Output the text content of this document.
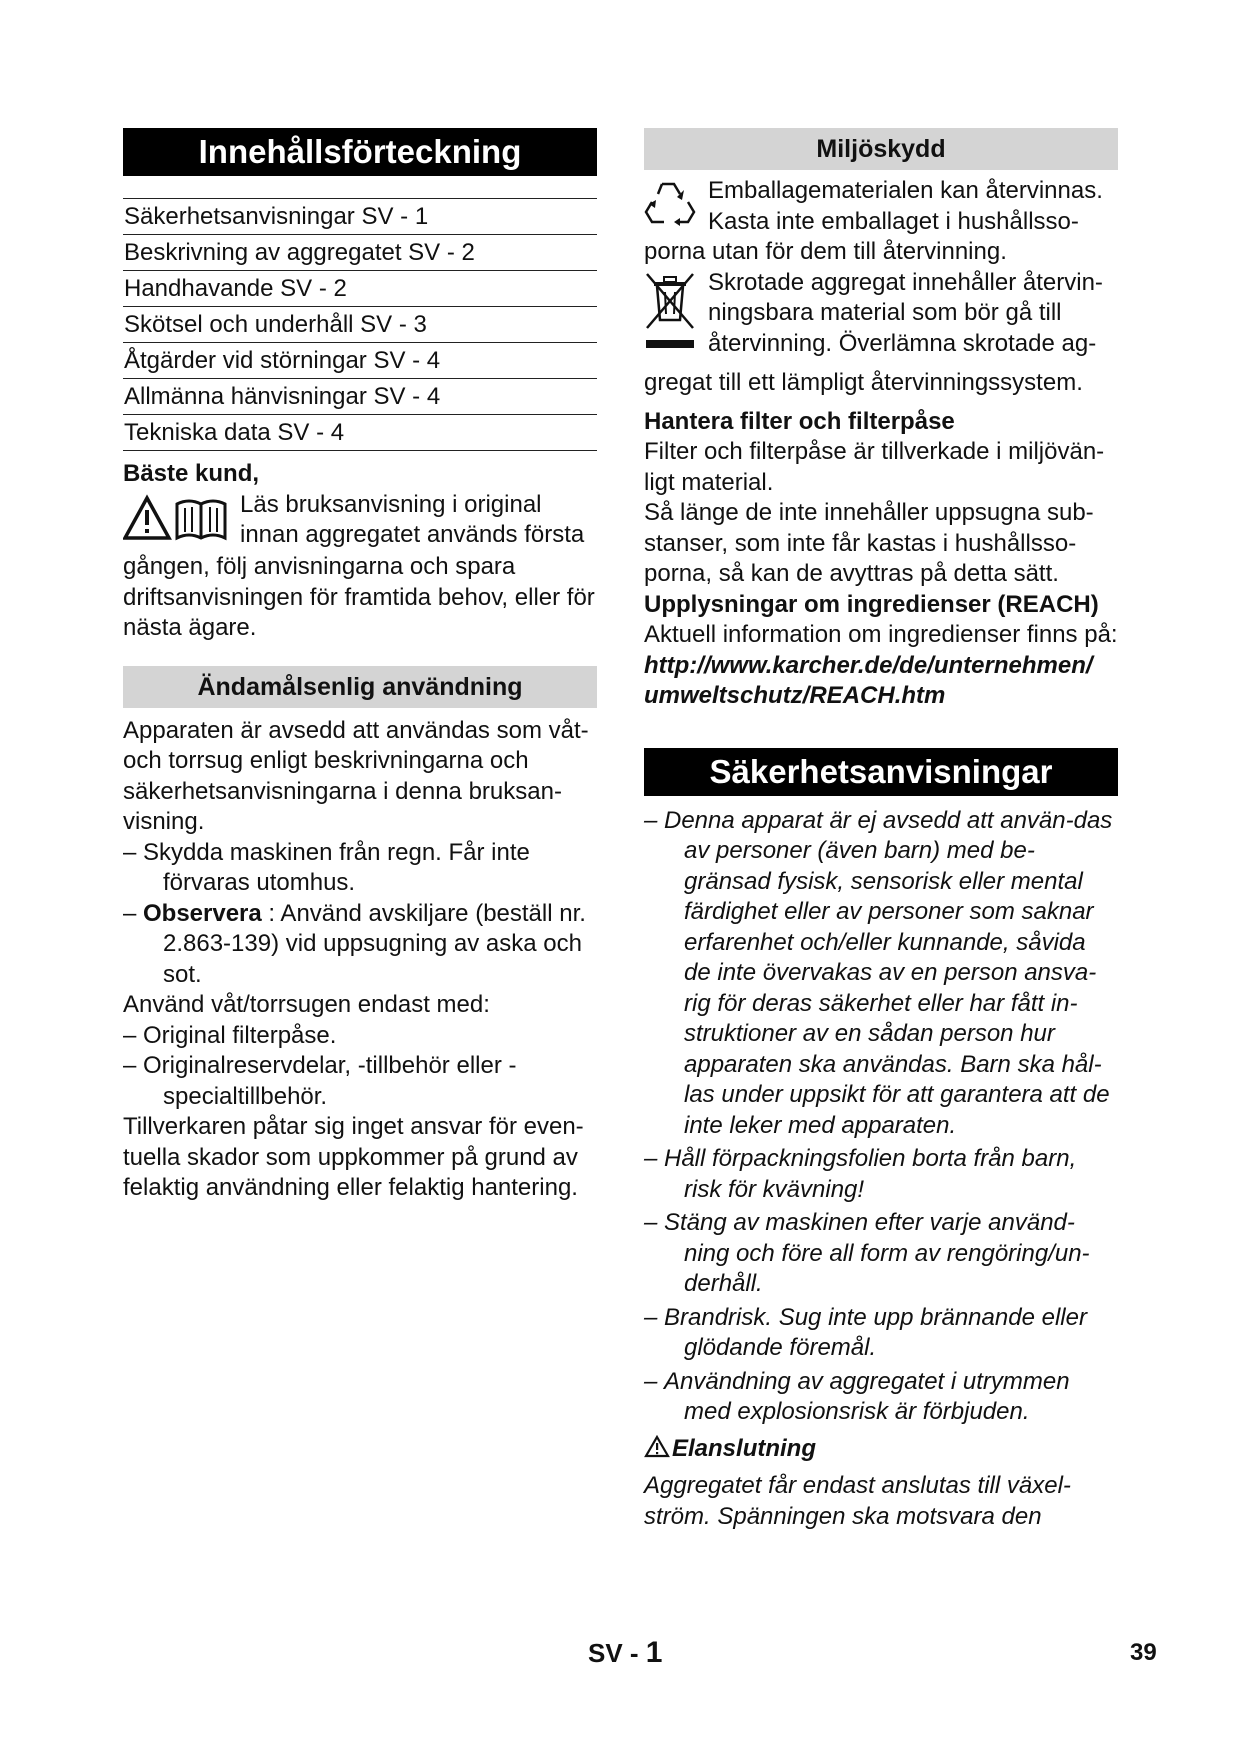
Innehållsförteckning
Säkerhetsanvisningar SV - 1
Beskrivning av aggregatet SV - 2
Handhavande SV - 2
Skötsel och underhåll SV - 3
Åtgärder vid störningar SV - 4
Allmänna hänvisningar SV - 4
Tekniska data SV - 4
Bäste kund,

Läs bruksanvisning i original

innan aggregatet används första

gången, följ anvisningarna och spara driftsanvisningen för framtida behov, eller för nästa ägare.

Ändamålsenlig användning

Apparaten är avsedd att användas som våt- och torrsug enligt beskrivningarna och säkerhetsanvisningarna i denna bruksan-visning.

– Skydda maskinen från regn. Får inte förvaras utomhus.

– Observera : Använd avskiljare (beställ nr. 2.863-139) vid uppsugning av aska och sot.

Använd våt/torrsugen endast med:

– Original filterpåse.

– Originalreservdelar, -tillbehör eller -specialtillbehör.

Tillverkaren påtar sig inget ansvar för even-tuella skador som uppkommer på grund av felaktig användning eller felaktig hantering.

Miljöskydd

Emballagematerialen kan återvinnas.

Kasta inte emballaget i hushållsso-

porna utan för dem till återvinning.

Skrotade aggregat innehåller återvin-

ningsbara material som bör gå till

återvinning. Överlämna skrotade ag-

gregat till ett lämpligt återvinningssystem.

Hantera filter och filterpåse

Filter och filterpåse är tillverkade i miljövän-ligt material.

Så länge de inte innehåller uppsugna sub-stanser, som inte får kastas i hushållsso-porna, så kan de avyttras på detta sätt.

Upplysningar om ingredienser (REACH)

Aktuell information om ingredienser finns på:

http://www.karcher.de/de/unternehmen/

umweltschutz/REACH.htm

Säkerhetsanvisningar

– Denna apparat är ej avsedd att använ-das av personer (även barn) med be-gränsad fysisk, sensorisk eller mental färdighet eller av personer som saknar erfarenhet och/eller kunnande, såvida de inte övervakas av en person ansva-rig för deras säkerhet eller har fått in-struktioner av en sådan person hur apparaten ska användas. Barn ska hål-las under uppsikt för att garantera att de inte leker med apparaten.

– Håll förpackningsfolien borta från barn, risk för kvävning!

– Stäng av maskinen efter varje använd-ning och före all form av rengöring/un-derhåll.

– Brandrisk. Sug inte upp brännande eller glödande föremål.

– Användning av aggregatet i utrymmen med explosionsrisk är förbjuden.

Elanslutning

Aggregatet får endast anslutas till växel-ström. Spänningen ska motsvara den

SV - 1	39
